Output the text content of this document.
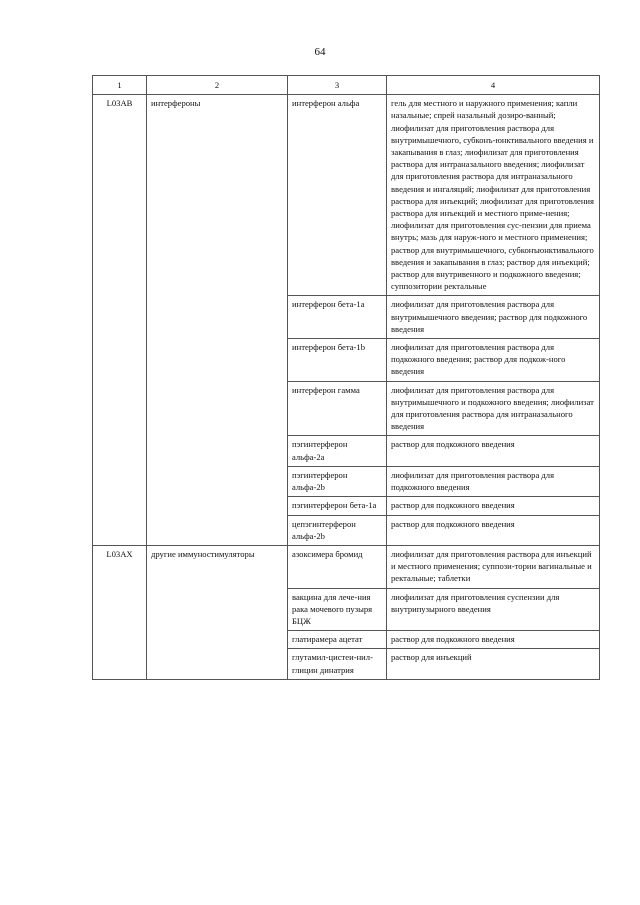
64
1	2	3	4
L03AB	интерфероны	интерферон альфа	гель для местного и наружного применения; капли назальные; спрей назальный дозиро-ванный; лиофилизат для приготовления раствора для внутримышечного, субконъ-юнктивального введения и закапывания в глаз; лиофилизат для приготовления раствора для интраназального введения; лиофилизат для приготовления раствора для интраназального введения и ингаляций; лиофилизат для приготовления раствора для инъекций; лиофилизат для приготовления раствора для инъекций и местного приме-нения; лиофилизат для приготовления сус-пензии для приема внутрь; мазь для наруж-ного и местного применения; раствор для внутримышечного, субконъюнктивального введения и закапывания в глаз; раствор для инъекций; раствор для внутривенного и подкожного введения; суппозитории ректальные
		интерферон бета-1a	лиофилизат для приготовления раствора для внутримышечного введения; раствор для подкожного введения
		интерферон бета-1b	лиофилизат для приготовления раствора для подкожного введения; раствор для подкож-ного введения
		интерферон гамма	лиофилизат для приготовления раствора для внутримышечного и подкожного введения; лиофилизат для приготовления раствора для интраназального введения
		пэгинтерферон альфа-2a	раствор для подкожного введения
		пэгинтерферон альфа-2b	лиофилизат для приготовления раствора для подкожного введения
		пэгинтерферон бета-1a	раствор для подкожного введения
		цепэгинтерферон альфа-2b	раствор для подкожного введения
L03AX	другие иммуностимуляторы	азоксимера бромид	лиофилизат для приготовления раствора для инъекций и местного применения; суппози-тории вагинальные и ректальные; таблетки
		вакцина для лече-ния рака мочевого пузыря БЦЖ	лиофилизат для приготовления суспензии для внутрипузырного введения
		глатирамера ацетат	раствор для подкожного введения
		глутамил-цистеи-нил-глицин динатрия	раствор для инъекций
